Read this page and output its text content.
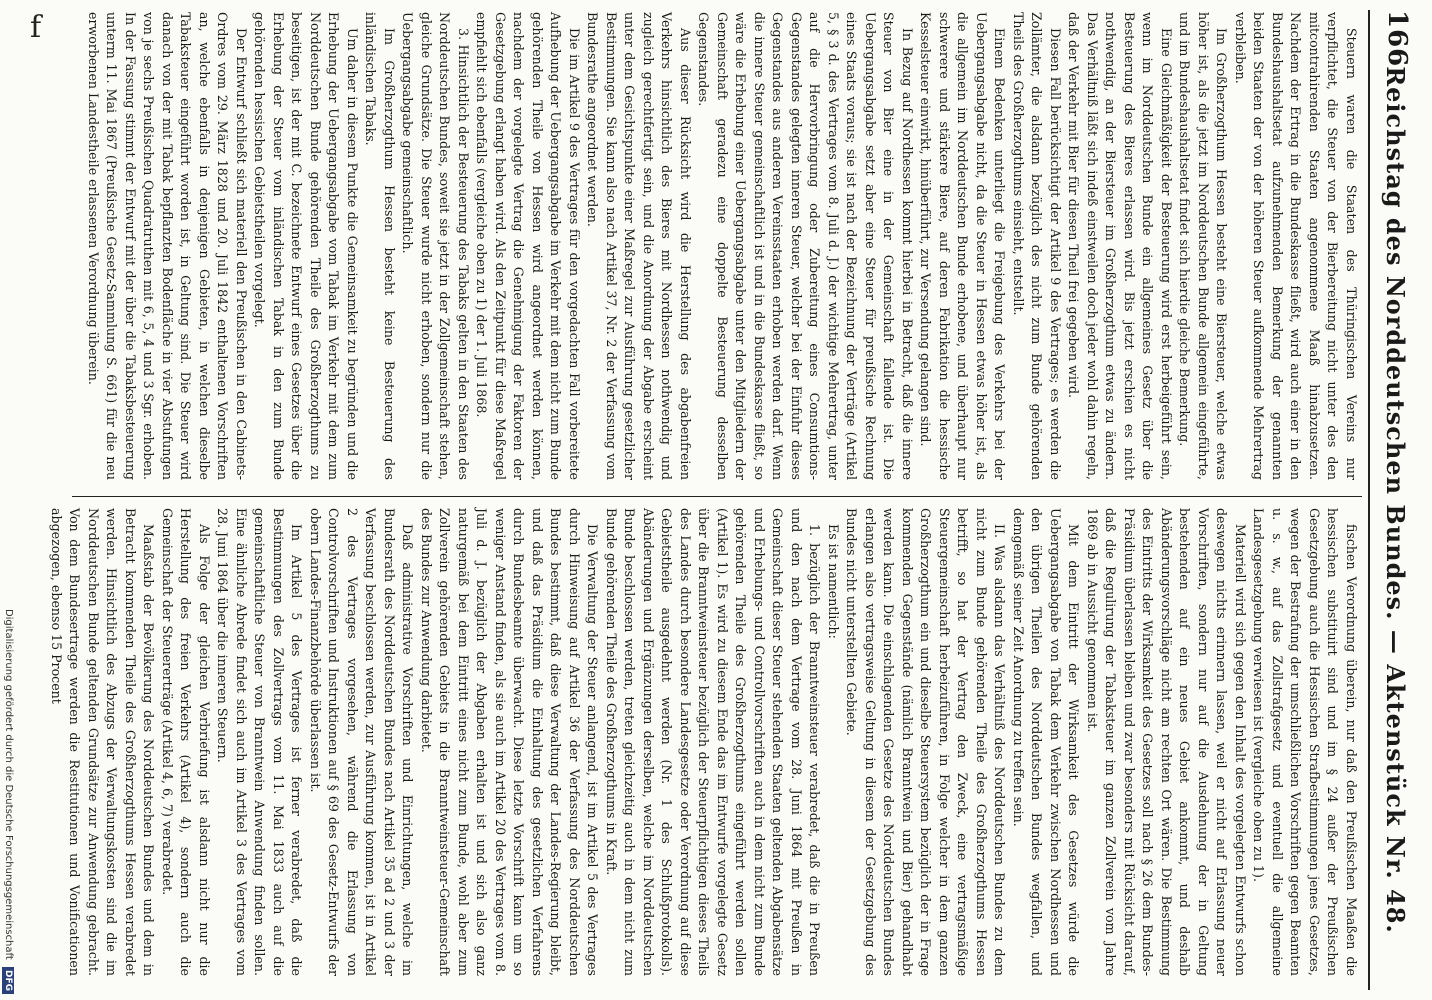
166
Reichstag des Norddeutschen Bundes. — Aktenstück Nr. 48.

Steuern waren die Staaten des Thüringischen Vereins nur verpflichtet, die Steuer von der Bierbereitung nicht unter des den mitcontrahirenden Staaten angenommene Maaß hinabzusetzen. Nachdem der Ertrag in die Bundeskasse fließt, wird auch einer in den Bundeshaushaltsetat aufzunehmenden Bemerkung der genannten beiden Staaten der von der höheren Steuer aufkommende Mehrertrag verbleiben.

Im Großherzogthum Hessen besteht eine Biersteuer, welche etwas höher ist, als die jetzt im Norddeutschen Bunde allgemein eingeführte, und im Bundeshaushaltsetat findet sich hierdie gleiche Bemerkung.

Eine Gleichmäßigkeit der Besteuerung wird erst herbeigeführt sein, wenn im Norddeutschen Bunde ein allgemeines Gesetz über die Besteuerung des Bieres erlassen wird. Bis jetzt erschien es nicht nothwendig, an der Biersteuer im Großherzogthum etwas zu ändern. Das Verhältniß läßt sich indeß einstweilen doch jeder wohl dahin regeln, daß der Verkehr mit Bier für diesen Theil frei gegeben wird.

Diesen Fall berücksichtigt der Artikel 9 des Vertrages; es werden die Zollämter, die alsdann bezüglich des nicht zum Bunde gehörenden Theils des Großherzogthums einsieht, entstellt.

Einem Bedenken unterliegt die Freigebung des Verkehrs bei der Uebergangsabgabe nicht, da die Steuer in Hessen etwas höher ist, als die allgemein im Norddeutschen Bunde erhobene, und überhaupt nur schwerere und stärkere Biere, auf deren Fabrikation die hessische Kesselsteuer einwirkt, hinüberführt, zur Versendung gelangen sind.

In Bezug auf Nordhessen kommt hierbei in Betracht, daß die innere Steuer von Bier eine in der Gemeinschaft fallende ist. Die Uebergangsabgabe setzt aber eine Steuer für preußische Rechnung eines Staats voraus; sie ist nach der Bezeichnung der Verträge (Artikel 5, § 3 d. des Vertrages vom 8. Juli d. J.) der wichtige Mehrertrag, unter auf die Hervorbringung oder Zubereitung eines Consumtions-Gegenstandes gelegten inneren Steuer, welcher bei der Einfuhr dieses Gegenstandes aus anderen Vereinsstaaten erhoben werden darf. Wenn die innere Steuer gemeinschaftlich ist und in die Bundeskasse fließt, so wäre die Erhebung einer Uebergangsabgabe unter den Mitgliedern der Gemeinschaft geradezu eine doppelte Besteuerung desselben Gegenstandes.

Aus dieser Rücksicht wird die Herstellung des abgabenfreien Verkehrs hinsichtlich des Bieres mit Nordhessen nothwendig und zugleich gerechtfertigt sein, und die Anordnung der Abgabe erscheint unter dem Gesichtspunkte einer Maßregel zur Ausführung gesetzlicher Bestimmungen. Sie kann also nach Artikel 37, Nr. 2 der Verfassung vom Bundesrathe angeordnet werden.

Die im Artikel 9 des Vertrages für den vorgedachten Fall vorbereitete Aufhebung der Uebergangsabgabe im Verkehr mit dem nicht zum Bunde gehörenden Theile von Hessen wird angeordnet werden können, nachdem der vorgelegte Vertrag die Genehmigung der Faktoren der Gesetzgebung erlangt haben wird. Als den Zeitpunkt für diese Maßregel empfiehlt sich ebenfalls (vergleiche oben zu 1) der 1. Juli 1868.

3. Hinsichtlich der Besteuerung des Tabaks gelten in den Staaten des Norddeutschen Bundes, soweit sie jetzt in der Zollgemeinschaft stehen, gleiche Grundsätze. Die Steuer wurde nicht erhoben, sondern nur die Uebergangsabgabe gemeinschaftlich.

Im Großherzogthum Hessen besteht keine Besteuerung des inländischen Tabaks.

Um daher in diesem Punkte die Gemeinsamkeit zu begründen und die Erhebung der Uebergangsabgabe vom Tabak im Verkehr mit dem zum Norddeutschen Bunde gehörenden Theile des Großherzogthums zu beseitigen, ist der mit C. bezeichnete Entwurf eines Gesetzes über die Erhebung der Steuer vom inländischen Tabak in den zum Bunde gehörenden hessischen Gebietstheilen vorgelegt.

Der Entwurf schließt sich materiell den Preußischen in den Cabinets-Ordres vom 29. März 1828 und 20. Juli 1842 enthaltenen Vorschriften an, welche ebenfalls in denjenigen Gebieten, in welchen dieselbe Tabaksteuer eingeführt worden ist, in Geltung sind. Die Steuer wird danach von der mit Tabak bepflanzten Bodenfläche in vier Abstufungen von je sechs Preußischen Quadratruthen mit 6, 5, 4 und 3 Sgr. erhoben. In der Fassung stimmt der Entwurf mit der über die Tabaksbesteuerung unterm 11. Mai 1867 (Preußische Gesetz-Sammlung S. 661) für die neu erworbenen Landestheile erlassenen Verordnung überein.

fischen Verordnung überein, nur daß den Preußischen Maaßen die hessischen substituirt sind und im § 24 außer der Preußischen Gesetzgebung auch die Hessischen Strafbestimmungen jenes Gesetzes, wegen der Bestrafung der umschließlichen Vorschriften gegen Beamten u. s. w., auf das Zollstrafgesetz und eventuell die allgemeine Landesgesetzgebung verwiesen ist (vergleiche oben zu 1).

Materiell wird sich gegen den Inhalt des vorgelegten Entwurfs schon deswegen nichts erinnern lassen, weil er nicht auf Erlassung neuer Vorschriften, sondern nur auf die Ausdehnung der in Geltung bestehenden auf ein neues Gebiet ankommt, und deshalb Abänderungsvorschläge nicht am rechten Ort wären. Die Bestimmung des Eintritts der Wirksamkeit des Gesetzes soll nach § 26 dem Bundes-Präsidium überlassen bleiben und zwar besonders mit Rücksicht darauf, daß die Regulirung der Tabaksteuer im ganzen Zollverein vom Jahre 1869 ab in Aussicht genommen ist.

Mit dem Eintritt der Wirksamkeit des Gesetzes würde die Uebergangsabgabe von Tabak dem Verkehr zwischen Nordhessen und den übrigen Theilen des Norddeutschen Bundes wegfallen, und demgemäß seiner Zeit Anordnung zu treffen sein.

II. Was alsdann das Verhältniß des Norddeutschen Bundes zu dem nicht zum Bunde gehörenden Theile des Großherzogthums Hessen betrifft, so hat der Vertrag den Zweck, eine vertragsmäßige Steuergemeinschaft herbeizuführen, in Folge welcher in dem ganzen Großherzogthum ein und dieselbe Steuersystem bezüglich der in Frage kommenden Gegenstände (nämlich Branntwein und Bier) gehandhabt werden kann. Die einschlagenden Gesetze des Norddeutschen Bundes erlangen also vertragsweise Geltung in diesem der Gesetzgebung des Bundes nicht unterstellten Gebiete.

Es ist namentlich:

1. bezüglich der Branntweinsteuer verabredet, daß die in Preußen und den nach dem Vertrage vom 28. Juni 1864 mit Preußen in Gemeinschaft dieser Steuer stehenden Staaten geltenden Abgabensätze und Erhebungs- und Controllvorschriften auch in dem nicht zum Bunde gehörenden Theile des Großherzogthums eingeführt werden sollen (Artikel 1). Es wird zu diesem Ende das im Entwurfe vorgelegte Gesetz über die Branntweinsteuer bezüglich der Steuerpflichtigen dieses Theils des Landes durch besondere Landesgesetze oder Verordnung auf diese Gebietstheile ausgedehnt werden (Nr. 1 des Schlußprotokolls). Abänderungen und Ergänzungen derselben, welche im Norddeutschen Bunde beschlossen werden, treten gleichzeitig auch in dem nicht zum Bunde gehörenden Theile des Großherzogthums in Kraft.

Die Verwaltung der Steuer anlangend, ist im Artikel 5 des Vertrages durch Hinweisung auf Artikel 36 der Verfassung des Norddeutschen Bundes bestimmt, daß diese Verwaltung der Landes-Regierung bleibt, und daß das Präsidium die Einhaltung des gesetzlichen Verfahrens durch Bundesbeamte überwacht. Diese letzte Vorschrift kann um so weniger Anstand finden, als sie auch im Artikel 20 des Vertrages vom 8. Juli d. J. bezüglich der Abgaben erhalten ist und sich also ganz naturgemäß bei dem Eintritt eines nicht zum Bunde, wohl aber zum Zollverein gehörenden Gebiets in die Branntweinsteuer-Gemeinschaft des Bundes zur Anwendung darbietet.

Daß administrative Vorschriften und Einrichtungen, welche im Bundesrath des Norddeutschen Bundes nach Artikel 35 ad 2 und 3 der Verfassung beschlossen werden, zur Ausführung kommen, ist in Artikel 2 des Vertrages vorgesehen, während die Erlassung von Controlvorschriften und Instruktionen auf § 69 des Gesetz-Entwurfs der obern Landes-Finanzbehörde überlassen ist.

Im Artikel 5 des Vertrages ist ferner verabredet, daß die Bestimmungen des Zollvertrags vom 11. Mai 1833 auch auf die gemeinschaftliche Steuer von Branntwein Anwendung finden sollen. Eine ähnliche Abrede findet sich auch im Artikel 3 des Vertrages vom 28. Juni 1864 über die inneren Steuern.

Als Folge der gleichen Verbriefung ist alsdann nicht nur die Herstellung des freien Verkehrs (Artikel 4), sondern auch die Gemeinschaft der Steuererträge (Artikel 4, 6, 7) verabredet.

Maaßstab der Bevölkerung des Norddeutschen Bundes und dem in Betracht kommenden Theile des Großherzogthums Hessen verabredet werden. Hinsichtlich des Abzugs der Verwaltungskosten sind die im Norddeutschen Bunde geltenden Grundsätze zur Anwendung gebracht. Von dem Bundesertrage werden die Restitutionen und Vonificationen abgezogen, ebenso 15 Procent

Digitalisierung gefördert durch die Deutsche Forschungsgemeinschaft DFG
f
